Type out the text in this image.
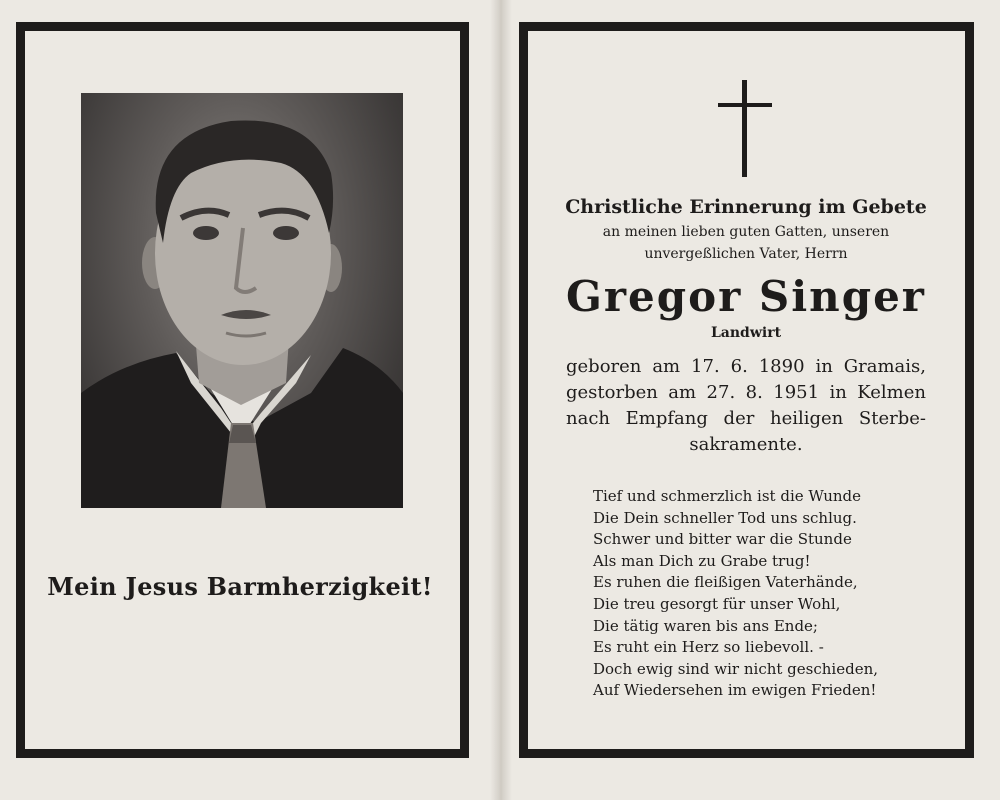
Mein Jesus Barmherzigkeit!

Christliche Erinnerung im Gebete

an meinen lieben guten Gatten, unseren

unvergeßlichen Vater, Herrn

Gregor Singer

Landwirt

geboren am 17. 6. 1890 in Gramais,
gestorben am 27. 8. 1951 in Kelmen
nach Empfang der heiligen Sterbe-
sakramente.
Tief und schmerzlich ist die Wunde
Die Dein schneller Tod uns schlug.
Schwer und bitter war die Stunde
Als man Dich zu Grabe trug!
Es ruhen die fleißigen Vaterhände,
Die treu gesorgt für unser Wohl,
Die tätig waren bis ans Ende;
Es ruht ein Herz so liebevoll. -
Doch ewig sind wir nicht geschieden,
Auf Wiedersehen im ewigen Frieden!
